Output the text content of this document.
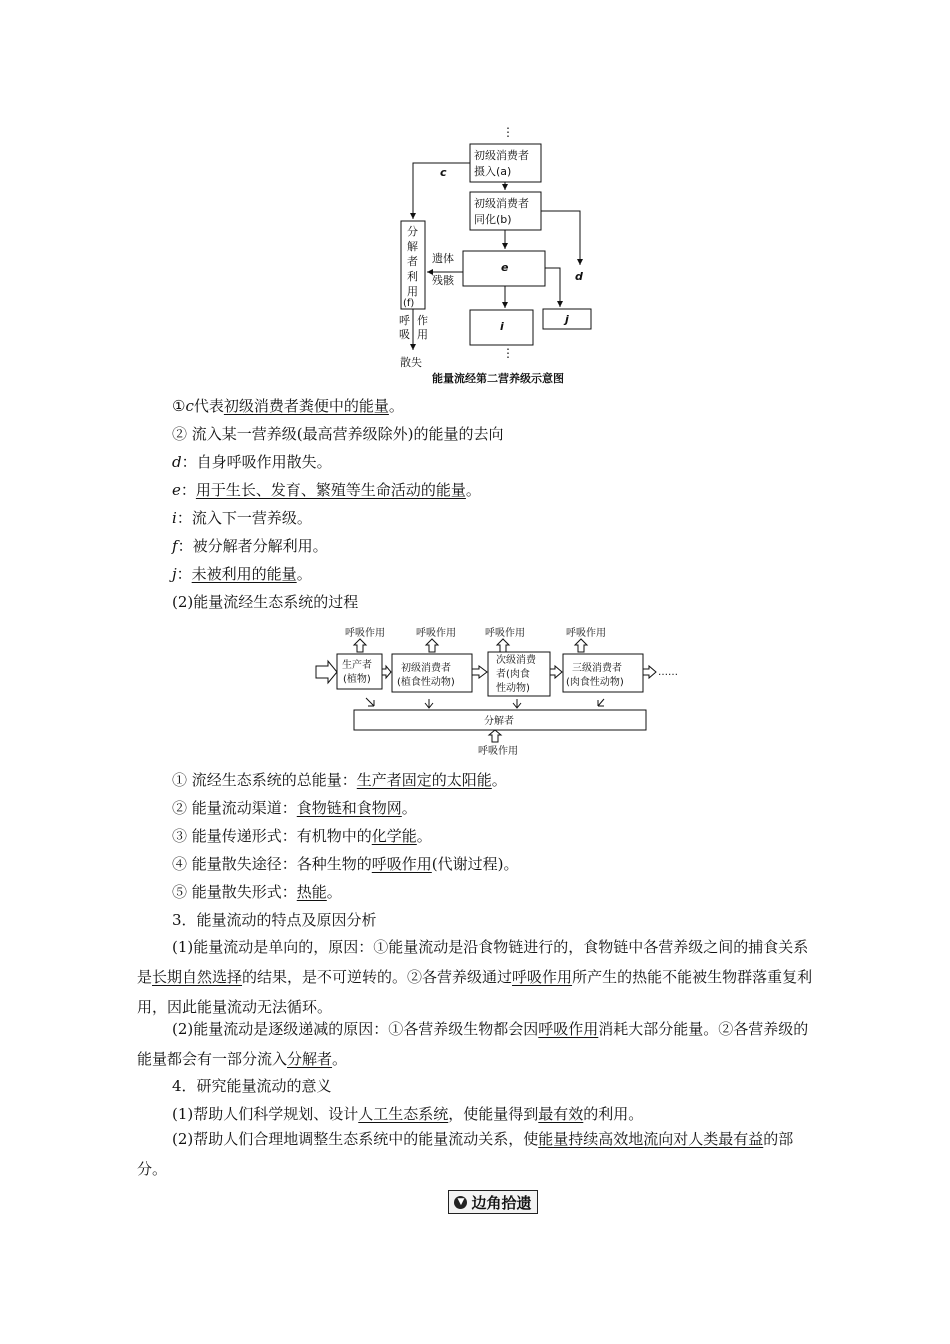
⋮
初级消费者
摄入(a)
初级消费者
同化(b)
c
d
e
i
j
遗体
残骸
分
解
者
利
用
(f)
呼
吸
作
用
散失
⋮
能量流经第二营养级示意图
①c代表初级消费者粪便中的能量。
② 流入某一营养级(最高营养级除外)的能量的去向
d：自身呼吸作用散失。
e：用于生长、发育、繁殖等生命活动的能量。
i：流入下一营养级。
f：被分解者分解利用。
j：未被利用的能量。
(2)能量流经生态系统的过程
呼吸作用	呼吸作用	呼吸作用	呼吸作用
生产者
(植物)
初级消费者
(植食性动物)
次级消费
者(肉食
性动物)
三级消费者
(肉食性动物)
……
分解者
呼吸作用
① 流经生态系统的总能量：生产者固定的太阳能。
② 能量流动渠道：食物链和食物网。
③ 能量传递形式：有机物中的化学能。
④ 能量散失途径：各种生物的呼吸作用(代谢过程)。
⑤ 能量散失形式：热能。
3．能量流动的特点及原因分析
(1)能量流动是单向的，原因：①能量流动是沿食物链进行的，食物链中各营养级之间的捕食关系是长期自然选择的结果，是不可逆转的。②各营养级通过呼吸作用所产生的热能不能被生物群落重复利用，因此能量流动无法循环。
(2)能量流动是逐级递减的原因：①各营养级生物都会因呼吸作用消耗大部分能量。②各营养级的能量都会有一部分流入分解者。
4．研究能量流动的意义
(1)帮助人们科学规划、设计人工生态系统，使能量得到最有效的利用。
(2)帮助人们合理地调整生态系统中的能量流动关系，使能量持续高效地流向对人类最有益的部分。
▼ 边角拾遗
